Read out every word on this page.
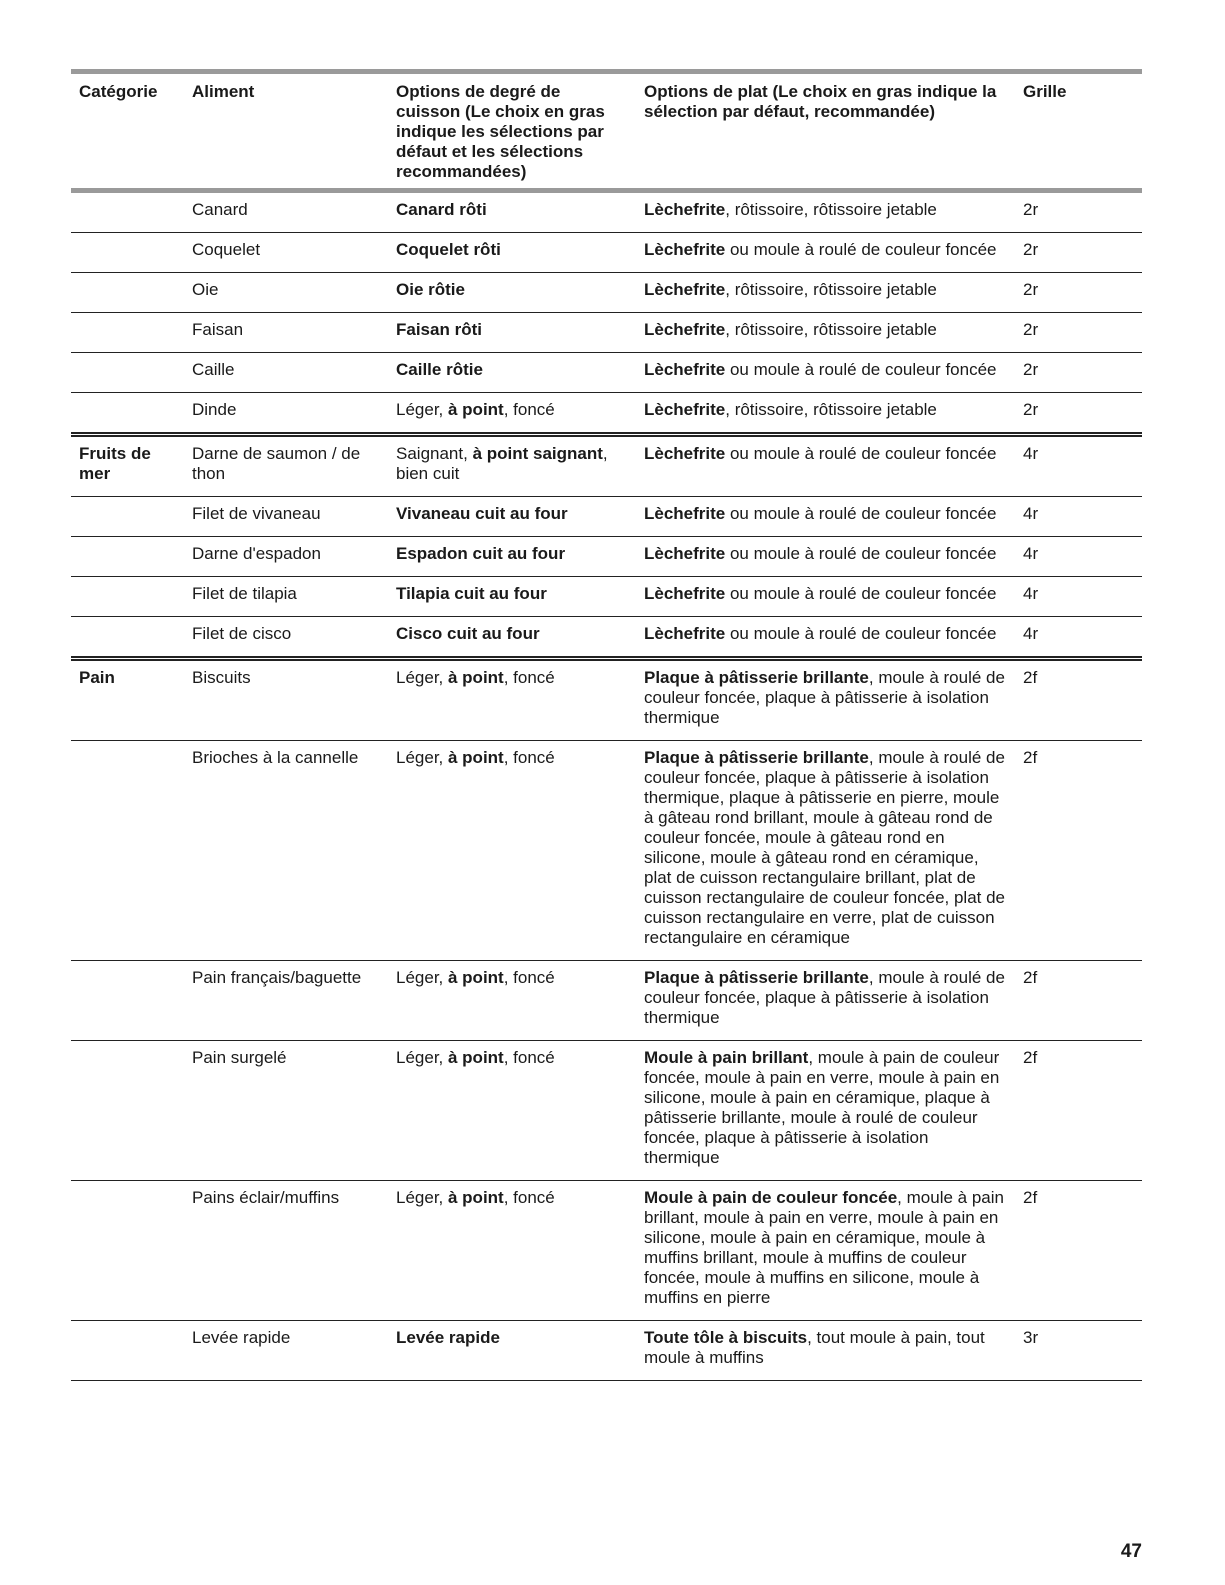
Catégorie	Aliment	Options de degré de cuisson (Le choix en gras indique les sélections par défaut et les sélections recommandées)	Options de plat (Le choix en gras indique la sélection par défaut, recommandée)	Grille
	Canard	Canard rôti	Lèchefrite, rôtissoire, rôtissoire jetable	2r
	Coquelet	Coquelet rôti	Lèchefrite ou moule à roulé de couleur foncée	2r
	Oie	Oie rôtie	Lèchefrite, rôtissoire, rôtissoire jetable	2r
	Faisan	Faisan rôti	Lèchefrite, rôtissoire, rôtissoire jetable	2r
	Caille	Caille rôtie	Lèchefrite ou moule à roulé de couleur foncée	2r
	Dinde	Léger, à point, foncé	Lèchefrite, rôtissoire, rôtissoire jetable	2r
Fruits de mer	Darne de saumon / de thon	Saignant, à point saignant, bien cuit	Lèchefrite ou moule à roulé de couleur foncée	4r
	Filet de vivaneau	Vivaneau cuit au four	Lèchefrite ou moule à roulé de couleur foncée	4r
	Darne d'espadon	Espadon cuit au four	Lèchefrite ou moule à roulé de couleur foncée	4r
	Filet de tilapia	Tilapia cuit au four	Lèchefrite ou moule à roulé de couleur foncée	4r
	Filet de cisco	Cisco cuit au four	Lèchefrite ou moule à roulé de couleur foncée	4r
Pain	Biscuits	Léger, à point, foncé	Plaque à pâtisserie brillante, moule à roulé de couleur foncée, plaque à pâtisserie à isolation thermique	2f
	Brioches à la cannelle	Léger, à point, foncé	Plaque à pâtisserie brillante, moule à roulé de couleur foncée, plaque à pâtisserie à isolation thermique, plaque à pâtisserie en pierre, moule à gâteau rond brillant, moule à gâteau rond de couleur foncée, moule à gâteau rond en silicone, moule à gâteau rond en céramique, plat de cuisson rectangulaire brillant, plat de cuisson rectangulaire de couleur foncée, plat de cuisson rectangulaire en verre, plat de cuisson rectangulaire en céramique	2f
	Pain français/baguette	Léger, à point, foncé	Plaque à pâtisserie brillante, moule à roulé de couleur foncée, plaque à pâtisserie à isolation thermique	2f
	Pain surgelé	Léger, à point, foncé	Moule à pain brillant, moule à pain de couleur foncée, moule à pain en verre, moule à pain en silicone, moule à pain en céramique, plaque à pâtisserie brillante, moule à roulé de couleur foncée, plaque à pâtisserie à isolation thermique	2f
	Pains éclair/muffins	Léger, à point, foncé	Moule à pain de couleur foncée, moule à pain brillant, moule à pain en verre, moule à pain en silicone, moule à pain en céramique, moule à muffins brillant, moule à muffins de couleur foncée, moule à muffins en silicone, moule à muffins en pierre	2f
	Levée rapide	Levée rapide	Toute tôle à biscuits, tout moule à pain, tout moule à muffins	3r
47
